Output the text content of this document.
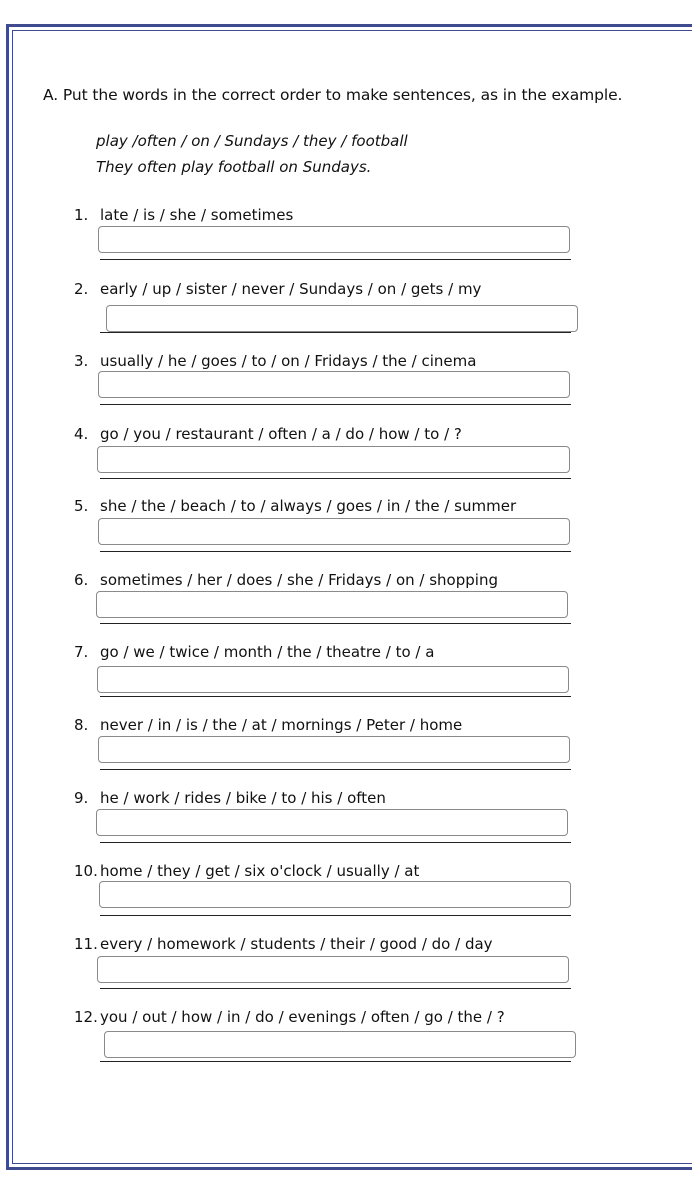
A. Put the words in the correct order to make sentences, as in the example.
play /often / on / Sundays / they / football
They often play football on Sundays.
1. late / is / she / sometimes
2. early / up / sister / never / Sundays / on / gets / my
3. usually / he / goes / to / on / Fridays / the / cinema
4. go / you / restaurant / often / a / do / how / to / ?
5. she / the / beach / to / always / goes / in / the / summer
6. sometimes / her / does / she / Fridays / on / shopping
7. go / we / twice / month / the / theatre / to / a
8. never / in / is / the / at / mornings / Peter / home
9. he / work / rides / bike / to / his / often
10. home / they / get / six o'clock / usually / at
11. every / homework / students / their / good / do / day
12. you / out / how / in / do / evenings / often / go / the / ?
